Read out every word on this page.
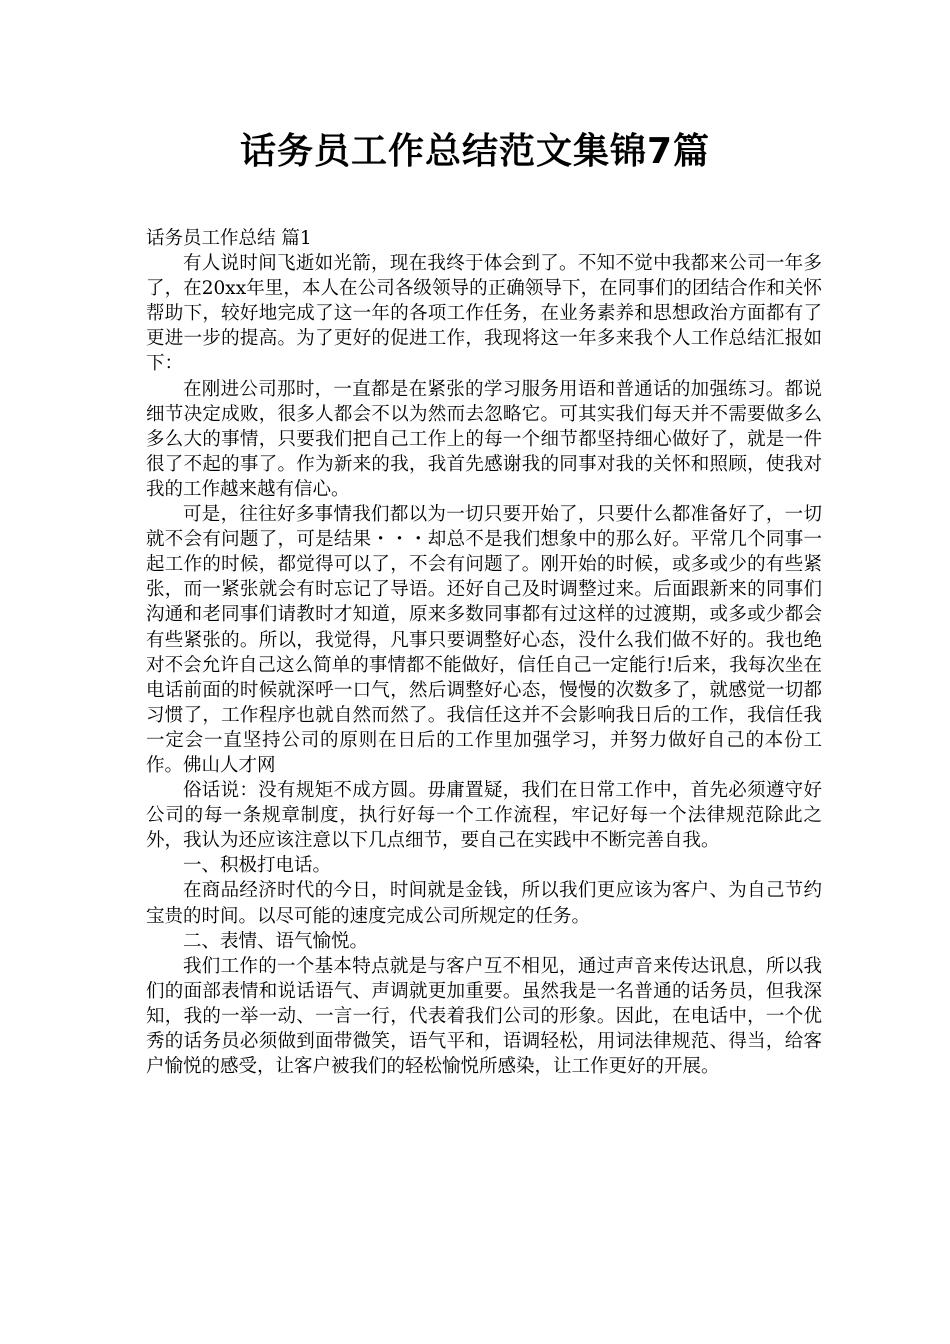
话务员工作总结范文集锦7篇

话务员工作总结 篇1

有人说时间飞逝如光箭，现在我终于体会到了。不知不觉中我都来公司一年多了，在20xx年里，本人在公司各级领导的正确领导下，在同事们的团结合作和关怀帮助下，较好地完成了这一年的各项工作任务，在业务素养和思想政治方面都有了更进一步的提高。为了更好的促进工作，我现将这一年多来我个人工作总结汇报如下：

在刚进公司那时，一直都是在紧张的学习服务用语和普通话的加强练习。都说细节决定成败，很多人都会不以为然而去忽略它。可其实我们每天并不需要做多么多么大的事情，只要我们把自己工作上的每一个细节都坚持细心做好了，就是一件很了不起的事了。作为新来的我，我首先感谢我的同事对我的关怀和照顾，使我对我的工作越来越有信心。

可是，往往好多事情我们都以为一切只要开始了，只要什么都准备好了，一切就不会有问题了，可是结果・・・却总不是我们想象中的那么好。平常几个同事一起工作的时候，都觉得可以了，不会有问题了。刚开始的时候，或多或少的有些紧张，而一紧张就会有时忘记了导语。还好自己及时调整过来。后面跟新来的同事们沟通和老同事们请教时才知道，原来多数同事都有过这样的过渡期，或多或少都会有些紧张的。所以，我觉得，凡事只要调整好心态，没什么我们做不好的。我也绝对不会允许自己这么简单的事情都不能做好，信任自己一定能行!后来，我每次坐在电话前面的时候就深呼一口气，然后调整好心态，慢慢的次数多了，就感觉一切都习惯了，工作程序也就自然而然了。我信任这并不会影响我日后的工作，我信任我一定会一直坚持公司的原则在日后的工作里加强学习，并努力做好自己的本份工作。佛山人才网

俗话说：没有规矩不成方圆。毋庸置疑，我们在日常工作中，首先必须遵守好公司的每一条规章制度，执行好每一个工作流程，牢记好每一个法律规范除此之外，我认为还应该注意以下几点细节，要自己在实践中不断完善自我。

一、积极打电话。

在商品经济时代的今日，时间就是金钱，所以我们更应该为客户、为自己节约宝贵的时间。以尽可能的速度完成公司所规定的任务。

二、表情、语气愉悦。

我们工作的一个基本特点就是与客户互不相见，通过声音来传达讯息，所以我们的面部表情和说话语气、声调就更加重要。虽然我是一名普通的话务员，但我深知，我的一举一动、一言一行，代表着我们公司的形象。因此，在电话中，一个优秀的话务员必须做到面带微笑，语气平和，语调轻松，用词法律规范、得当，给客户愉悦的感受，让客户被我们的轻松愉悦所感染，让工作更好的开展。
